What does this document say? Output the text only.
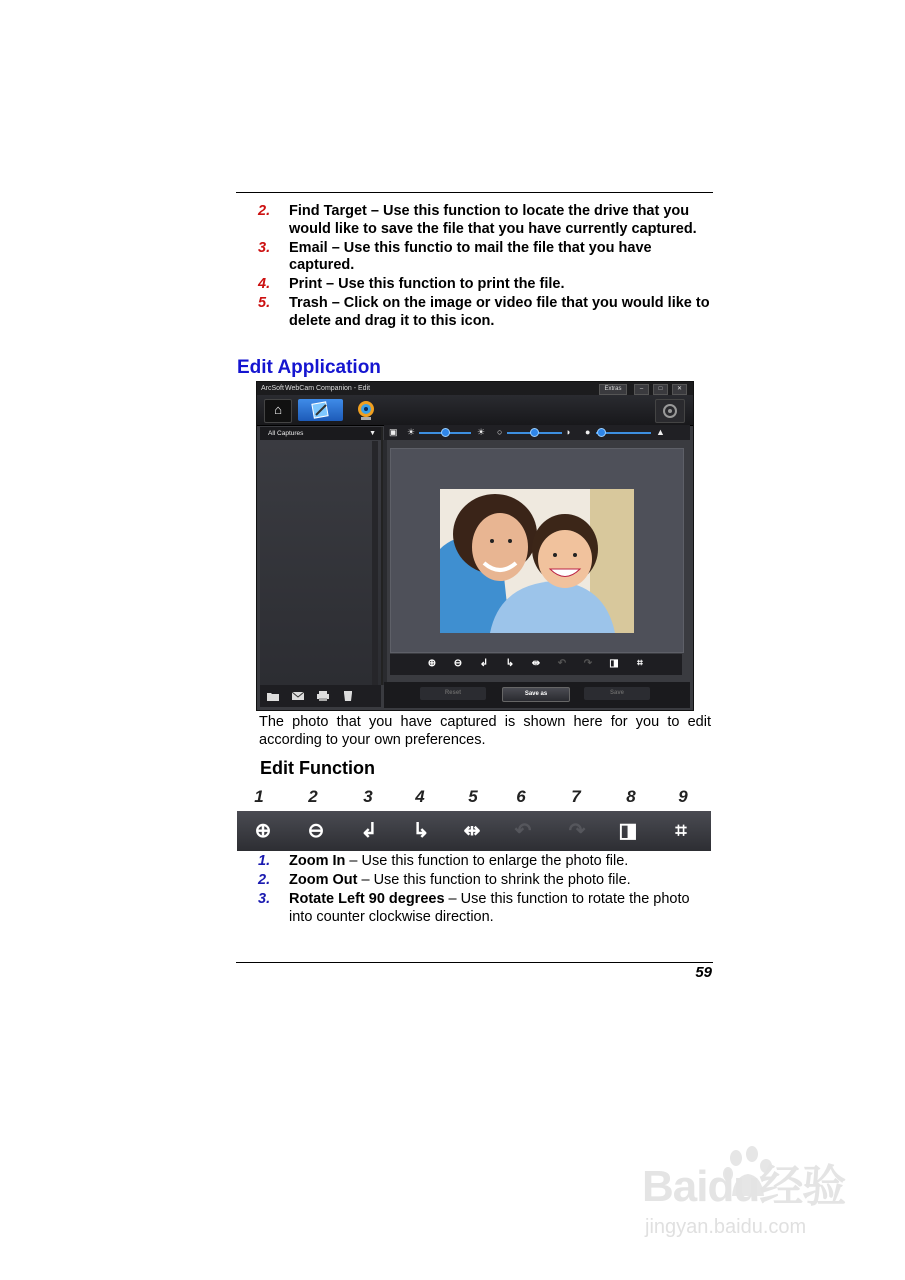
2. Find Target – Use this function to locate the drive that you would like to save the file that you have currently captured.
3. Email – Use this functio to mail the file that you have captured.
4. Print – Use this function to print the file.
5. Trash – Click on the image or video file that you would like to delete and drag it to this icon.
Edit Application
ArcSoft WebCam Companion - Edit	Extras	–	□	✕
⌂
All Captures	▼ ▣ ☀	☀ ○	◑ ●	▲
⊕ ⊖ ↲ ↳ ⇹ ↶ ↷ ◨	⌗
Reset	Save as	Save

The photo that you have captured is shown here for you to edit according to your own preferences.

Edit Function
1	2	3	4	5	6	7	8	9
⊕ ⊖ ↲ ↳ ⇹ ↶ ↷ ◨	⌗
1. Zoom In – Use this function to enlarge the photo file.
2. Zoom Out – Use this function to shrink the photo file.
3. Rotate Left 90 degrees – Use this function to rotate the photo into counter clockwise direction.
59
Baidu经验
jingyan.baidu.com
